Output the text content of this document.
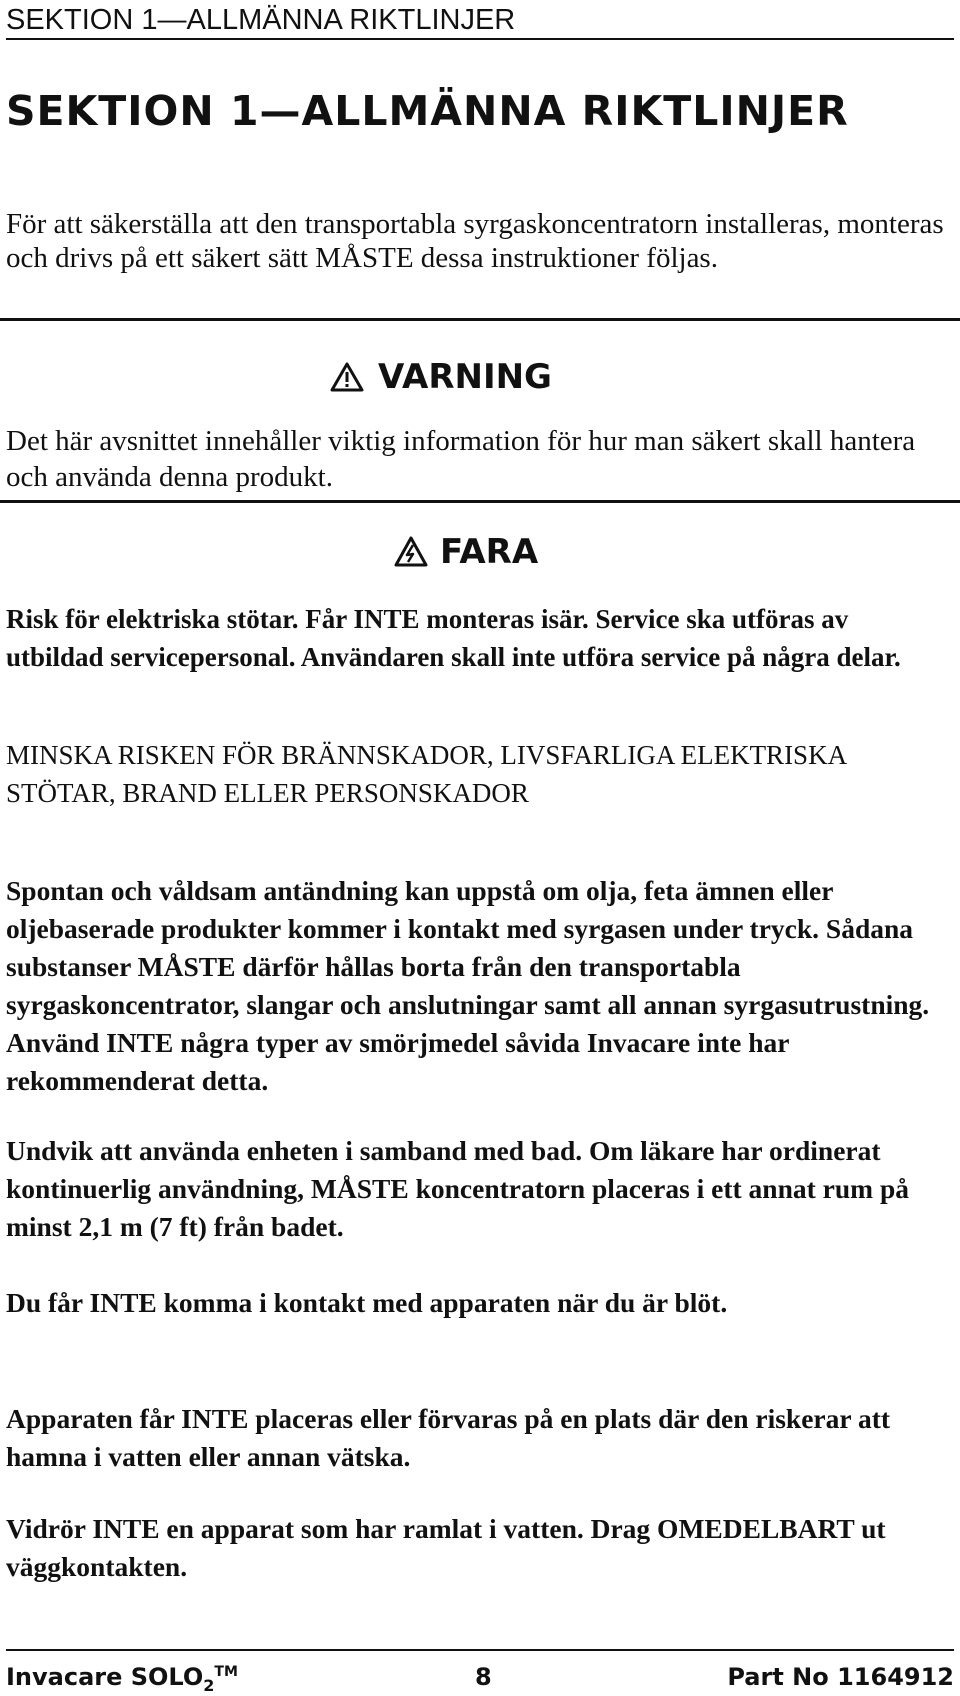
SEKTION 1—ALLMÄNNA RIKTLINJER
SEKTION 1—ALLMÄNNA RIKTLINJER

För att säkerställa att den transportabla syrgaskoncentratorn installeras, monteras och drivs på ett säkert sätt MÅSTE dessa instruktioner följas.

VARNING

Det här avsnittet innehåller viktig information för hur man säkert skall hantera och använda denna produkt.

FARA

Risk för elektriska stötar. Får INTE monteras isär. Service ska utföras av utbildad servicepersonal. Användaren skall inte utföra service på några delar.

MINSKA RISKEN FÖR BRÄNNSKADOR, LIVSFARLIGA ELEKTRISKA STÖTAR, BRAND ELLER PERSONSKADOR

Spontan och våldsam antändning kan uppstå om olja, feta ämnen eller oljebaserade produkter kommer i kontakt med syrgasen under tryck. Sådana substanser MÅSTE därför hållas borta från den transportabla syrgaskoncentrator, slangar och anslutningar samt all annan syrgasutrustning. Använd INTE några typer av smörjmedel såvida Invacare inte har rekommenderat detta.

Undvik att använda enheten i samband med bad. Om läkare har ordinerat kontinuerlig användning, MÅSTE koncentratorn placeras i ett annat rum på minst 2,1 m (7 ft) från badet.

Du får INTE komma i kontakt med apparaten när du är blöt.

Apparaten får INTE placeras eller förvaras på en plats där den riskerar att hamna i vatten eller annan vätska.

Vidrör INTE en apparat som har ramlat i vatten. Drag OMEDELBART ut väggkontakten.

Invacare $SOLO_2™$	8	Part No 1164912
